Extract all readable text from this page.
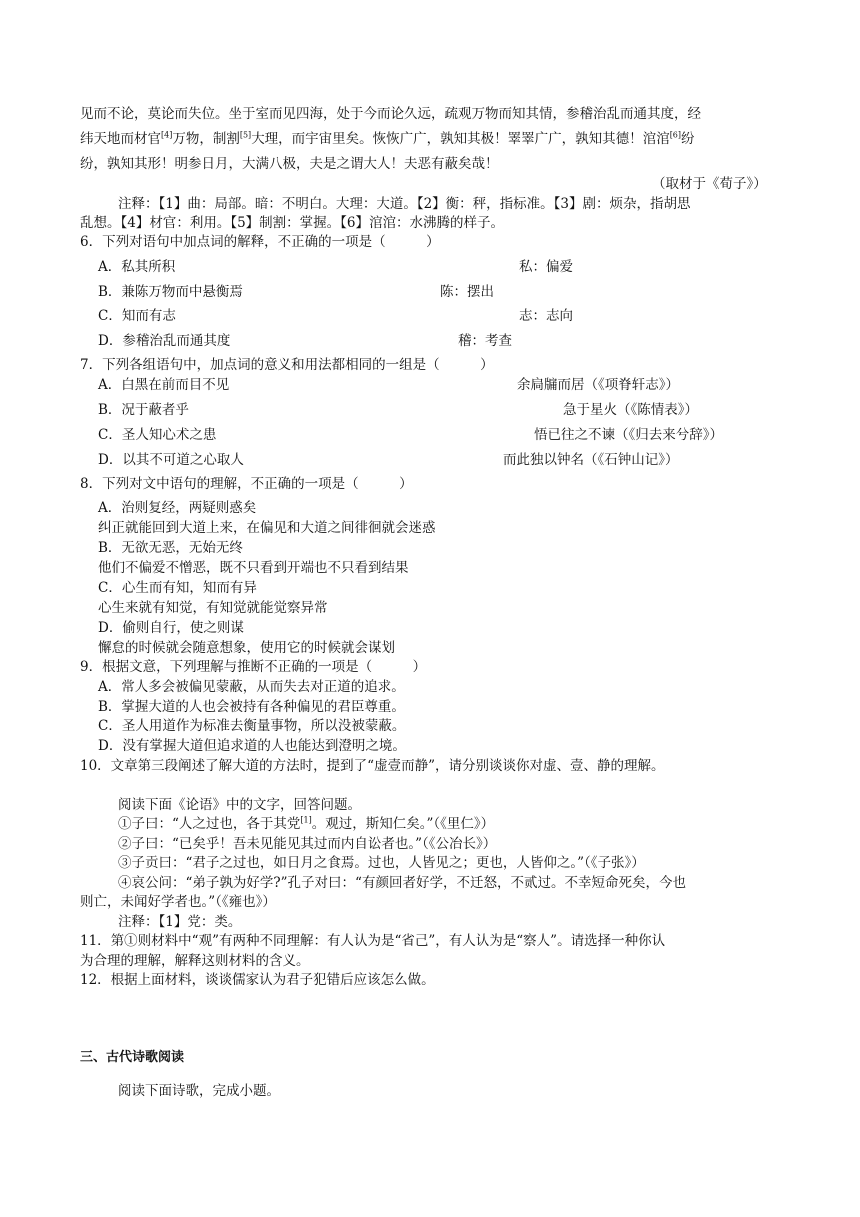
见而不论，莫论而失位。坐于室而见四海，处于今而论久远，疏观万物而知其情，参稽治乱而通其度，经
纬天地而材官[4]万物，制割[5]大理，而宇宙里矣。恢恢广广，孰知其极！睪睪广广，孰知其德！涫涫[6]纷
纷，孰知其形！明参日月，大满八极，夫是之谓大人！夫恶有蔽矣哉！
（取材于《荀子》）
注释：【1】曲：局部。暗：不明白。大理：大道。【2】衡：秤，指标准。【3】剧：烦杂，指胡思
乱想。【4】材官：利用。【5】制割：掌握。【6】涫涫：水沸腾的样子。
6．下列对语句中加点词的解释，不正确的一项是（　　　）
A．私其所积	私：偏爱
B．兼陈万物而中悬衡焉	陈：摆出
C．知而有志	志：志向
D．参稽治乱而通其度	稽：考查
7．下列各组语句中，加点词的意义和用法都相同的一组是（　　　）
A．白黑在前而目不见	余扃牖而居（《项脊轩志》）
B．况于蔽者乎	急于星火（《陈情表》）
C．圣人知心术之患	悟已往之不谏（《归去来兮辞》）
D．以其不可道之心取人	而此独以钟名（《石钟山记》）
8．下列对文中语句的理解，不正确的一项是（　　　）
A．治则复经，两疑则惑矣
纠正就能回到大道上来，在偏见和大道之间徘徊就会迷惑
B．无欲无恶，无始无终
他们不偏爱不憎恶，既不只看到开端也不只看到结果
C．心生而有知，知而有异
心生来就有知觉，有知觉就能觉察异常
D．偷则自行，使之则谋
懈怠的时候就会随意想象，使用它的时候就会谋划
9．根据文意，下列理解与推断不正确的一项是（　　　）
A．常人多会被偏见蒙蔽，从而失去对正道的追求。
B．掌握大道的人也会被持有各种偏见的君臣尊重。
C．圣人用道作为标准去衡量事物，所以没被蒙蔽。
D．没有掌握大道但追求道的人也能达到澄明之境。
10．文章第三段阐述了解大道的方法时，提到了“虚壹而静”，请分别谈谈你对虚、壹、静的理解。
阅读下面《论语》中的文字，回答问题。
①子曰：“人之过也，各于其党[1]。观过，斯知仁矣。”（《里仁》）
②子曰：“已矣乎！吾未见能见其过而内自讼者也。”（《公冶长》）
③子贡曰：“君子之过也，如日月之食焉。过也，人皆见之；更也，人皆仰之。”（《子张》）
④哀公问：“弟子孰为好学?”孔子对曰：“有颜回者好学，不迁怒，不贰过。不幸短命死矣，今也
则亡，未闻好学者也。”（《雍也》）
注释：【1】党：类。
11．第①则材料中“观”有两种不同理解：有人认为是“省己”，有人认为是“察人”。请选择一种你认
为合理的理解，解释这则材料的含义。
12．根据上面材料，谈谈儒家认为君子犯错后应该怎么做。
三、古代诗歌阅读
阅读下面诗歌，完成小题。
